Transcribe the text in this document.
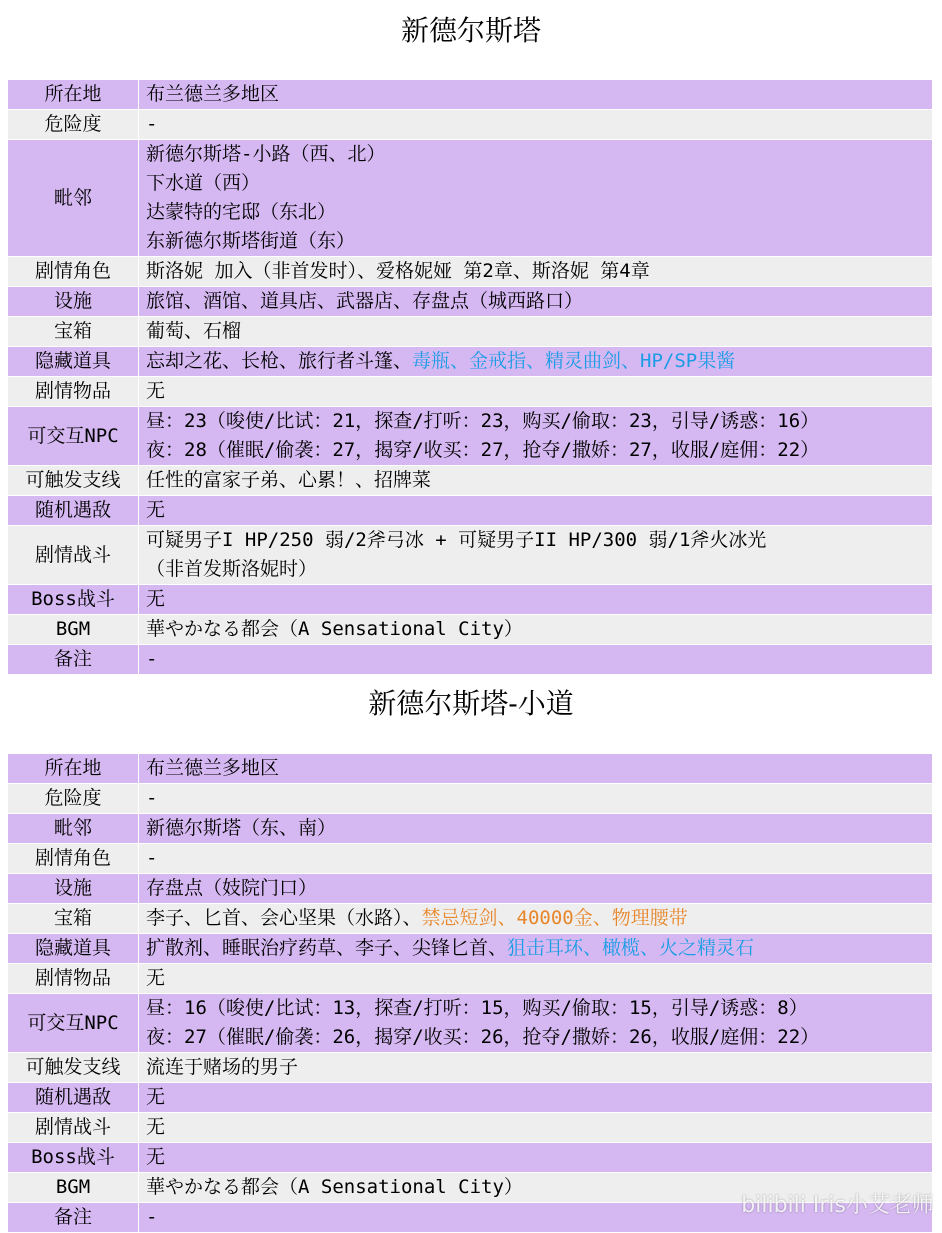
新德尔斯塔
所在地		布兰德兰多地区
危险度		-
毗邻		新德尔斯塔-小路（西、北）
下水道（西）
达蒙特的宅邸（东北）
东新德尔斯塔街道（东）

剧情角色		斯洛妮 加入（非首发时）、爱格妮娅 第2章、斯洛妮 第4章
设施		旅馆、酒馆、道具店、武器店、存盘点（城西路口）
宝箱		葡萄、石榴
隐藏道具		忘却之花、长枪、旅行者斗篷、毒瓶、金戒指、精灵曲剑、HP/SP果酱
剧情物品		无
可交互NPC		昼：23（唆使/比试：21，探查/打听：23，购买/偷取：23，引导/诱惑：16）
夜：28（催眠/偷袭：27，揭穿/收买：27，抢夺/撒娇：27，收服/庭佣：22）

可触发支线		任性的富家子弟、心累！、招牌菜
随机遇敌		无
剧情战斗		可疑男子I HP/250 弱/2斧弓冰 + 可疑男子II HP/300 弱/1斧火冰光
（非首发斯洛妮时）

Boss战斗		无
BGM		華やかなる都会（A Sensational City）
备注		-
新德尔斯塔-小道
所在地		布兰德兰多地区
危险度		-
毗邻		新德尔斯塔（东、南）
剧情角色		-
设施		存盘点（妓院门口）
宝箱		李子、匕首、会心坚果（水路）、禁忌短剑、40000金、物理腰带
隐藏道具		扩散剂、睡眠治疗药草、李子、尖锋匕首、狙击耳环、橄榄、火之精灵石
剧情物品		无
可交互NPC		昼：16（唆使/比试：13，探查/打听：15，购买/偷取：15，引导/诱惑：8）
夜：27（催眠/偷袭：26，揭穿/收买：26，抢夺/撒娇：26，收服/庭佣：22）

可触发支线		流连于赌场的男子
随机遇敌		无
剧情战斗		无
Boss战斗		无
BGM		華やかなる都会（A Sensational City）
备注		-	bilibili Iris小艾老师
